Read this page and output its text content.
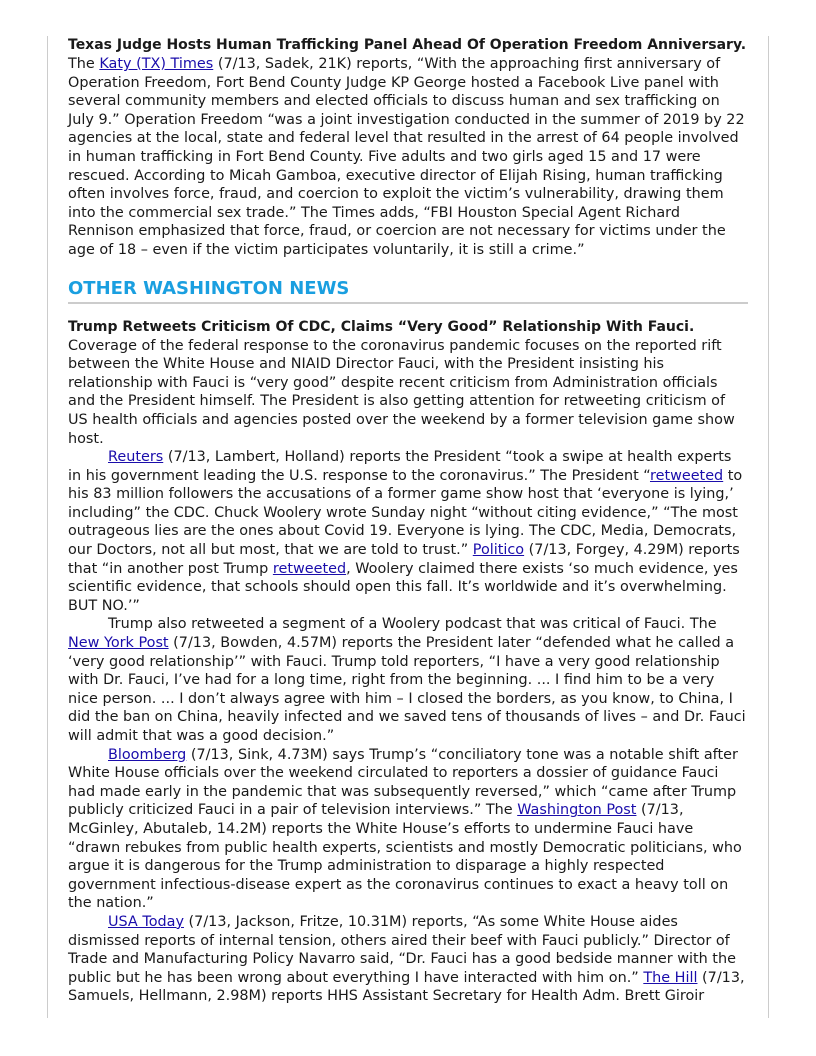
Texas Judge Hosts Human Trafficking Panel Ahead Of Operation Freedom Anniversary.

The Katy (TX) Times (7/13, Sadek, 21K) reports, “With the approaching first anniversary of Operation Freedom, Fort Bend County Judge KP George hosted a Facebook Live panel with several community members and elected officials to discuss human and sex trafficking on July 9.” Operation Freedom “was a joint investigation conducted in the summer of 2019 by 22 agencies at the local, state and federal level that resulted in the arrest of 64 people involved in human trafficking in Fort Bend County. Five adults and two girls aged 15 and 17 were rescued. According to Micah Gamboa, executive director of Elijah Rising, human trafficking often involves force, fraud, and coercion to exploit the victim’s vulnerability, drawing them into the commercial sex trade.” The Times adds, “FBI Houston Special Agent Richard Rennison emphasized that force, fraud, or coercion are not necessary for victims under the age of 18 – even if the victim participates voluntarily, it is still a crime.”

OTHER WASHINGTON NEWS

Trump Retweets Criticism Of CDC, Claims “Very Good” Relationship With Fauci.

Coverage of the federal response to the coronavirus pandemic focuses on the reported rift between the White House and NIAID Director Fauci, with the President insisting his relationship with Fauci is “very good” despite recent criticism from Administration officials and the President himself. The President is also getting attention for retweeting criticism of US health officials and agencies posted over the weekend by a former television game show host.

Reuters (7/13, Lambert, Holland) reports the President “took a swipe at health experts in his government leading the U.S. response to the coronavirus.” The President “retweeted to his 83 million followers the accusations of a former game show host that ‘everyone is lying,’ including” the CDC. Chuck Woolery wrote Sunday night “without citing evidence,” “The most outrageous lies are the ones about Covid 19. Everyone is lying. The CDC, Media, Democrats, our Doctors, not all but most, that we are told to trust.” Politico (7/13, Forgey, 4.29M) reports that “in another post Trump retweeted, Woolery claimed there exists ‘so much evidence, yes scientific evidence, that schools should open this fall. It’s worldwide and it’s overwhelming. BUT NO.’”

Trump also retweeted a segment of a Woolery podcast that was critical of Fauci. The New York Post (7/13, Bowden, 4.57M) reports the President later “defended what he called a ‘very good relationship’” with Fauci. Trump told reporters, “I have a very good relationship with Dr. Fauci, I’ve had for a long time, right from the beginning. ... I find him to be a very nice person. ... I don’t always agree with him – I closed the borders, as you know, to China, I did the ban on China, heavily infected and we saved tens of thousands of lives – and Dr. Fauci will admit that was a good decision.”

Bloomberg (7/13, Sink, 4.73M) says Trump’s “conciliatory tone was a notable shift after White House officials over the weekend circulated to reporters a dossier of guidance Fauci had made early in the pandemic that was subsequently reversed,” which “came after Trump publicly criticized Fauci in a pair of television interviews.” The Washington Post (7/13, McGinley, Abutaleb, 14.2M) reports the White House’s efforts to undermine Fauci have “drawn rebukes from public health experts, scientists and mostly Democratic politicians, who argue it is dangerous for the Trump administration to disparage a highly respected government infectious-disease expert as the coronavirus continues to exact a heavy toll on the nation.”

USA Today (7/13, Jackson, Fritze, 10.31M) reports, “As some White House aides dismissed reports of internal tension, others aired their beef with Fauci publicly.” Director of Trade and Manufacturing Policy Navarro said, “Dr. Fauci has a good bedside manner with the public but he has been wrong about everything I have interacted with him on.” The Hill (7/13, Samuels, Hellmann, 2.98M) reports HHS Assistant Secretary for Health Adm. Brett Giroir
